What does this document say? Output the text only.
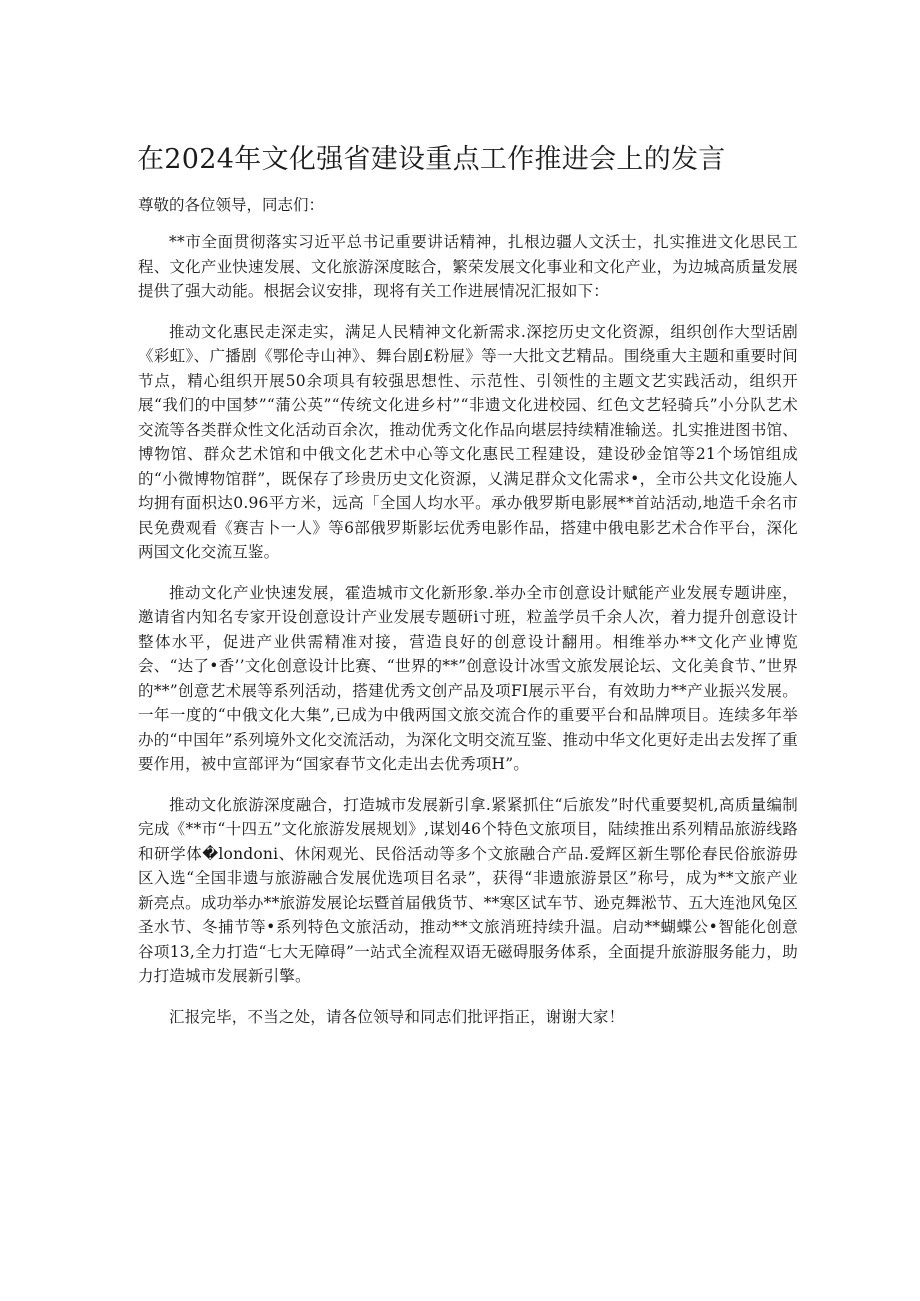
在2024年文化强省建设重点工作推进会上的发言

尊敬的各位领导，同志们：

**市全面贯彻落实习近平总书记重要讲话精神，扎根边疆人文沃士，扎实推进文化思民工程、文化产业快速发展、文化旅游深度眩合，繁荣发展文化事业和文化产业，为边城高质量发展提供了强大动能。根据会议安排，现将有关工作进展情况汇报如下：

推动文化惠民走深走实，满足人民精神文化新需求.深挖历史文化资源，组织创作大型话剧《彩虹》、广播剧《鄂伦寺山神》、舞台剧£粉屉》等一大批文艺精品。围绕重大主题和重要时间节点，精心组织开展50余项具有较强思想性、示范性、引领性的主题文艺实践活动，组织开展“我们的中国梦”“蒲公英”“传统文化进乡村”“非遗文化进校园、红色文艺轻骑兵”小分队艺术交流等各类群众性文化活动百余次，推动优秀文化作品向堪层持续精准输送。扎实推进图书馆、博物馆、群众艺术馆和中俄文化艺术中心等文化惠民工程建设，建设砂金馆等21个场馆组成的“小微博物馆群”，既保存了珍贵历史文化资源，乂满足群众文化需求•，全市公共文化设施人均拥有面枳达0.96平方米，远高「全国人均水平。承办俄罗斯电影展**首站活动,地造千余名市民免费观看《赛吉卜一人》等6部俄罗斯影坛优秀电影作品，搭建中俄电影艺术合作平台，深化两国文化交流互鉴。

推动文化产业快速发展，霍造城市文化新形象.举办全市创意设计赋能产业发展专题讲座，邀请省内知名专家开设创意设计产业发展专题研i寸班，粒盖学员千余人次，着力提升创意设计整体水平，促进产业供需精准对接，营造良好的创意设计翻用。相维举办**文化产业博览会、“达了•香’’文化创意设计比赛、“世界的**”创意设计冰雪文旅发展论坛、文化美食节、”世界的**”创意艺术展等系列活动，搭建优秀文创产品及项FI展示平台，有效助力**产业振兴发展。一年一度的“中俄文化大集”,已成为中俄两国文旅交流合作的重要平台和品牌项目。连续多年举办的“中国年”系列境外文化交流活动，为深化文明交流互鉴、推动中华文化更好走出去发挥了重要作用，被中宣部评为“国家春节文化走出去优秀项H”。

推动文化旅游深度融合，打造城市发展新引拿.紧紧抓住“后旅发”时代重要契机,高质量编制完成《**市“十四五”文化旅游发展规划》,谋划46个特色文旅项目，陆续推出系列精品旅游线路和研学体�londoni、休闲观光、民俗活动等多个文旅融合产品.爱辉区新生鄂伦春民俗旅游毋区入选“全国非遗与旅游融合发展优选项目名录”，获得“非遗旅游景区”称号，成为**文旅产业新亮点。成功举办**旅游发展论坛暨首届俄货节、**寒区试车节、逊克舞淞节、五大连池风兔区圣水节、冬捕节等•系列特色文旅活动，推动**文旅消班持续升温。启动**蝴蝶公•智能化创意谷项13,全力打造“七大无障碍”一站式全流程双语无磁碍服务体系，全面提升旅游服务能力，助力打造城市发展新引擎。

汇报完毕，不当之处，请各位领导和同志们批评指正，谢谢大家！
